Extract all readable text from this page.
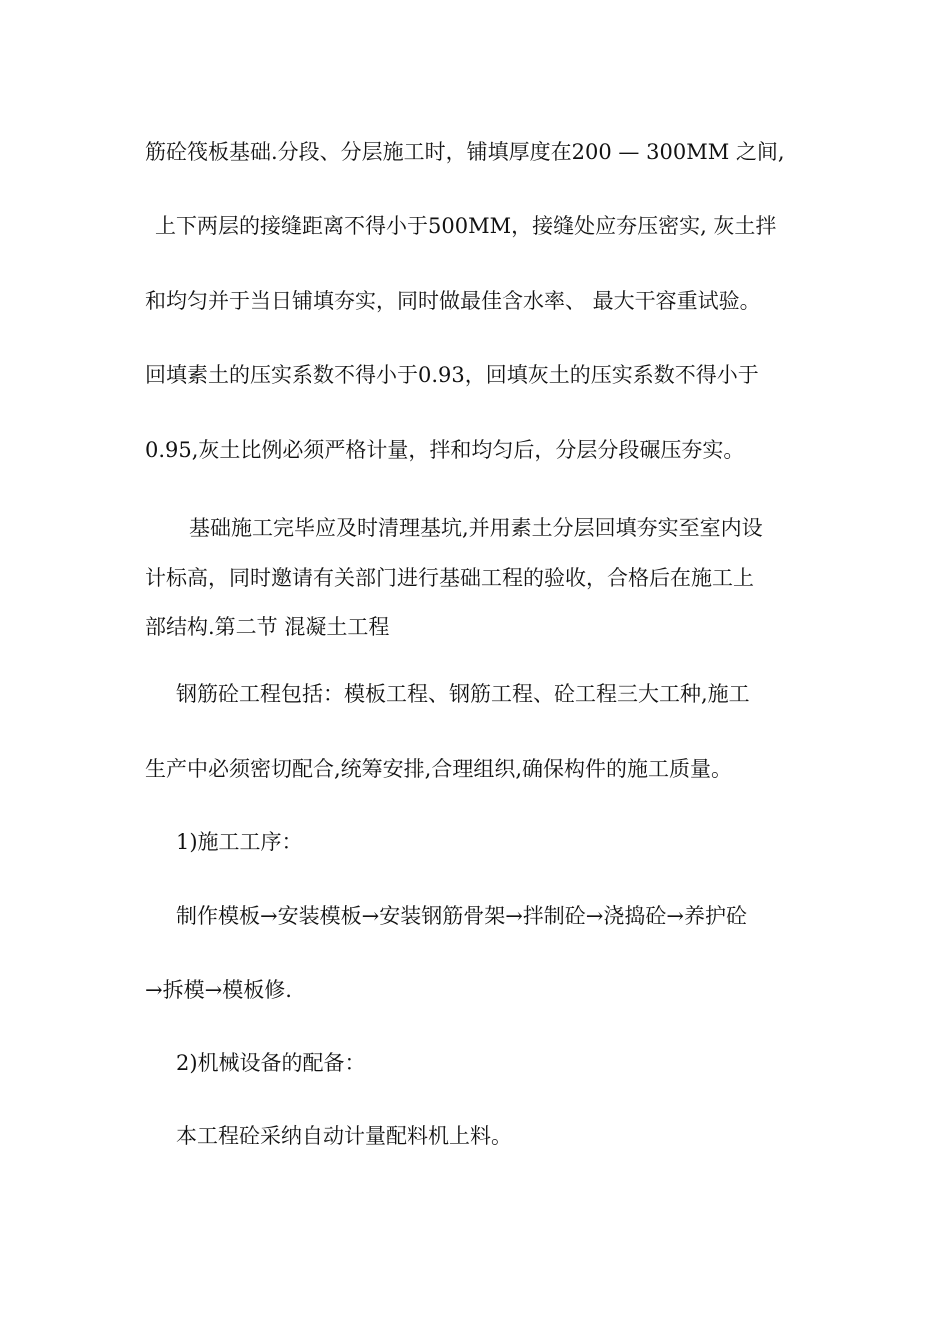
筋砼筏板基础.分段、分层施工时，铺填厚度在200 — 300MM 之间,
上下两层的接缝距离不得小于500MM，接缝处应夯压密实, 灰土拌
和均匀并于当日铺填夯实，同时做最佳含水率、 最大干容重试验。
回填素土的压实系数不得小于0.93，回填灰土的压实系数不得小于
0.95,灰土比例必须严格计量，拌和均匀后，分层分段碾压夯实。
基础施工完毕应及时清理基坑,并用素土分层回填夯实至室内设
计标高，同时邀请有关部门进行基础工程的验收，合格后在施工上
部结构.第二节 混凝土工程
钢筋砼工程包括：模板工程、钢筋工程、砼工程三大工种,施工
生产中必须密切配合,统筹安排,合理组织,确保构件的施工质量。
1)施工工序：
制作模板→安装模板→安装钢筋骨架→拌制砼→浇捣砼→养护砼
→拆模→模板修.
2)机械设备的配备：
本工程砼采纳自动计量配料机上料。
